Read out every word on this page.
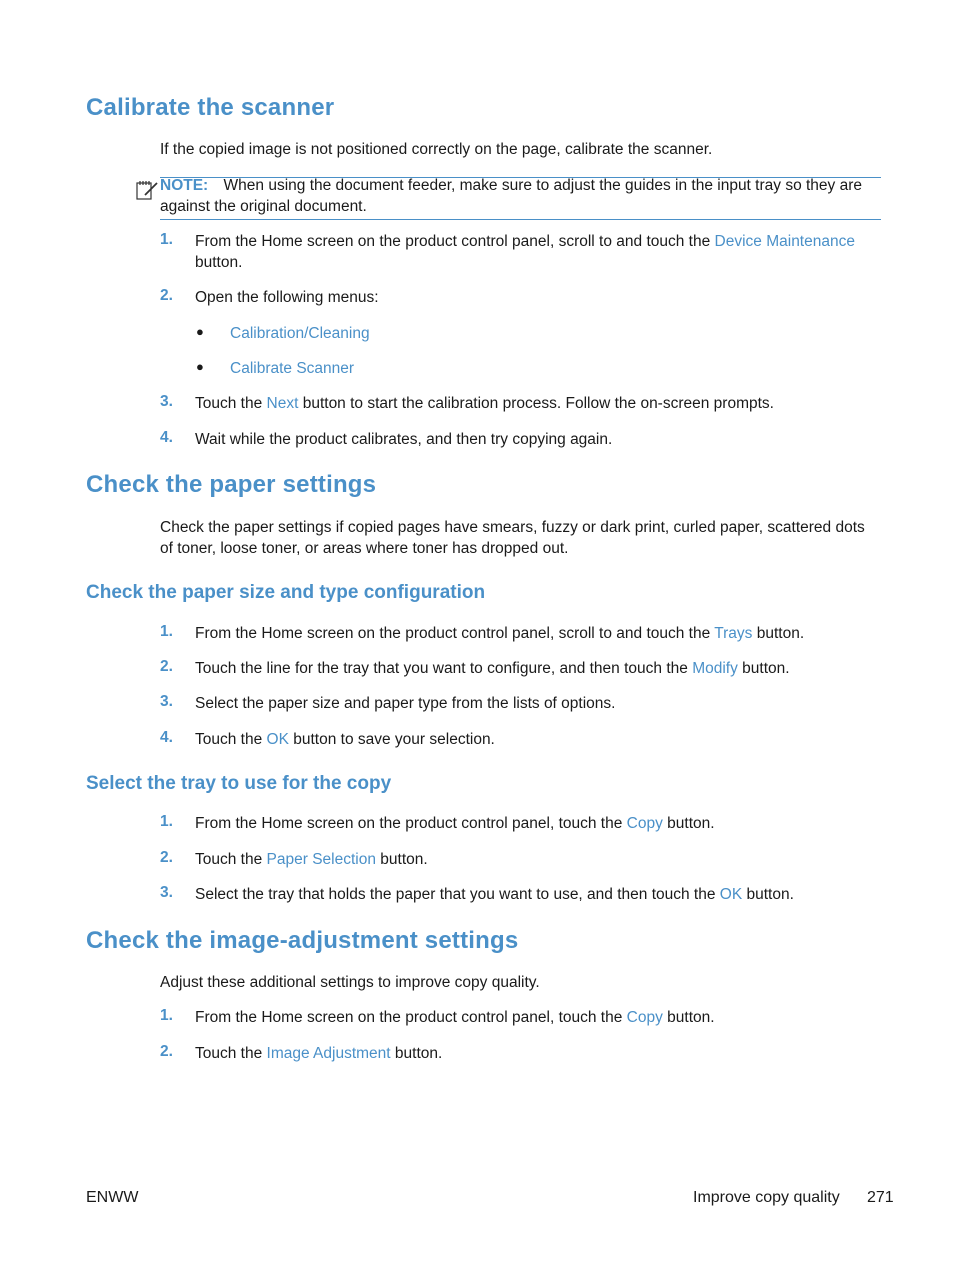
Calibrate the scanner
If the copied image is not positioned correctly on the page, calibrate the scanner.
NOTE: When using the document feeder, make sure to adjust the guides in the input tray so they are
against the original document.
1. From the Home screen on the product control panel, scroll to and touch the Device Maintenance
button.
2. Open the following menus:
● Calibration/Cleaning
● Calibrate Scanner
3. Touch the Next button to start the calibration process. Follow the on-screen prompts.
4. Wait while the product calibrates, and then try copying again.
Check the paper settings
Check the paper settings if copied pages have smears, fuzzy or dark print, curled paper, scattered dots
of toner, loose toner, or areas where toner has dropped out.
Check the paper size and type configuration
1. From the Home screen on the product control panel, scroll to and touch the Trays button.
2. Touch the line for the tray that you want to configure, and then touch the Modify button.
3. Select the paper size and paper type from the lists of options.
4. Touch the OK button to save your selection.
Select the tray to use for the copy
1. From the Home screen on the product control panel, touch the Copy button.
2. Touch the Paper Selection button.
3. Select the tray that holds the paper that you want to use, and then touch the OK button.
Check the image-adjustment settings
Adjust these additional settings to improve copy quality.
1. From the Home screen on the product control panel, touch the Copy button.
2. Touch the Image Adjustment button.
ENWW	Improve copy quality 271
